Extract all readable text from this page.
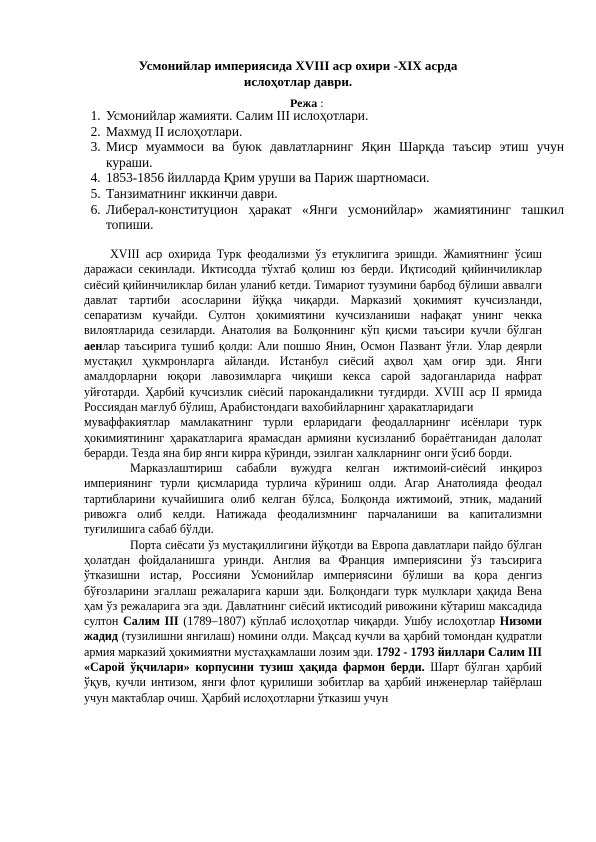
Усмонийлар империясида XVIII аср охири -XIX асрда
ислоҳотлар даври.
Режа :
1. Усмонийлар жамияти. Салим III ислоҳотлари.
2. Махмуд II ислоҳотлари.
3. Миср муаммоси ва буюк давлатларнинг Яқин Шарқда таъсир этиш учун кураши.
4. 1853-1856 йилларда Қрим уруши ва Париж шартномаси.
5. Танзиматнинг иккинчи даври.
6. Либерал-конституцион ҳаракат «Янги усмонийлар» жамиятининг ташкил топиши.

XVIII аср охирида Турк феодализми ўз етуклигига эришди. Жамиятнинг ўсиш даражаси секинлади. Иктисодда тўхтаб қолиш юз берди. Иқтисодий қийинчиликлар сиёсий қийинчиликлар билан уланиб кетди. Тимариот тузумини барбод бўлиши аввалги давлат тартиби асосларини йўққа чиқарди. Марказий ҳокимият кучсизланди, сепаратизм кучайди. Султон ҳокимиятини кучсизланиши нафақат унинг чекка вилоятларида сезиларди. Анатолия ва Болқоннинг кўп қисми таъсири кучли бўлган аенлар таъсирига тушиб қолди: Али пошшо Янин, Осмон Пазвант ўғли. Улар деярли мустақил ҳукмронларга айланди. Истанбул сиёсий аҳвол ҳам оғир эди. Янги амалдорларни юқори лавозимларга чиқиши кекса сарой задоганларида нафрат уйғотарди. Ҳарбий кучсизлик сиёсий парокандаликни туғдирди. XVIII аср II ярмида Россиядан мағлуб бўлиш, Арабистондаги вахобийларнинг ҳаракатларидаги

муваффакиятлар мамлакатнинг турли ерларидаги феодалларнинг исёнлари турк ҳокимиятининг ҳаракатларига ярамасдан армияни кусизланиб бораётганидан далолат берарди. Тезда яна бир янги кирра кўринди, эзилган халкларнинг онги ўсиб борди.

Марказлаштириш сабабли вужудга келган ижтимоий-сиёсий инқироз империянинг турли қисмларида турлича кўриниш олди. Агар Анатолияда феодал тартибларини кучайишига олиб келган бўлса, Болқонда ижтимоий, этник, маданий ривожга олиб келди. Натижада феодализмнинг парчаланиши ва капитализмни туғилишига сабаб бўлди.

Порта сиёсати ўз мустақиллигини йўқотди ва Европа давлатлари пайдо бўлган ҳолатдан фойдаланишга уринди. Англия ва Франция империясини ўз таъсирига ўтказишни истар, Россияни Усмонийлар империясини бўлиши ва қора денгиз бўғозларини эгаллаш режаларига карши эди. Болқондаги турк мулклари ҳақида Вена ҳам ўз режаларига эга эди. Давлатнинг сиёсий иктисодий ривожини кўтариш максадида султон Салим III (1789–1807) кўплаб ислоҳотлар чиқарди. Ушбу ислоҳотлар Низоми жадид (тузилишни янгилаш) номини олди. Мақсад кучли ва ҳарбий томондан қудратли армия марказий ҳокимиятни мустаҳкамлаши лозим эди. 1792 - 1793 йиллари Салим III «Сарой ўқчилари» корпусини тузиш ҳақида фармон берди. Шарт бўлган ҳарбий ўқув, кучли интизом, янги флот қурилиши зобитлар ва ҳарбий инженерлар тайёрлаш учун мактаблар очиш. Ҳарбий ислоҳотларни ўтказиш учун
